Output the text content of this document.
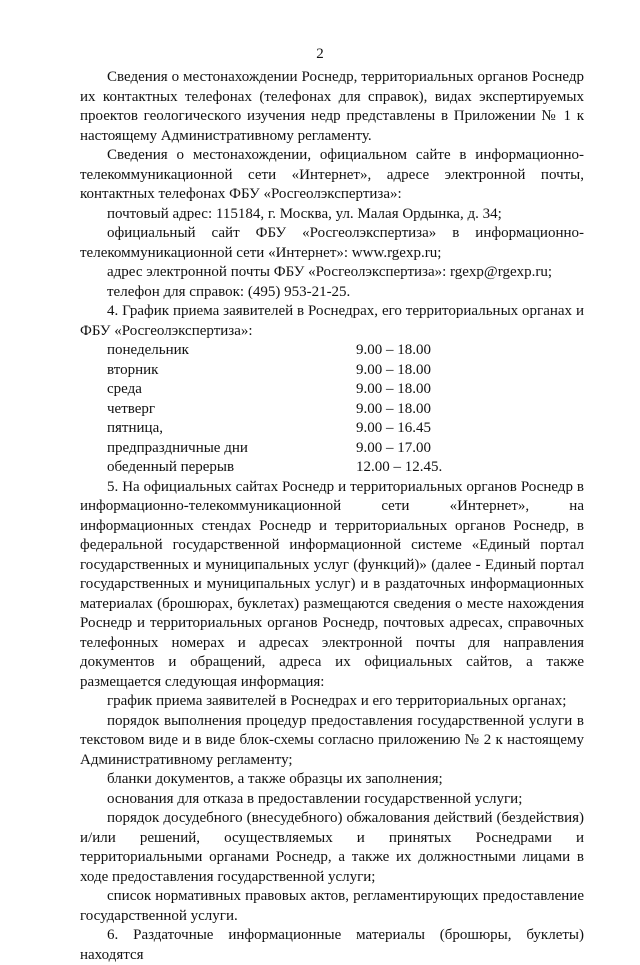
2

Сведения о местонахождении Роснедр, территориальных органов Роснедр их контактных телефонах (телефонах для справок), видах экспертируемых проектов геологического изучения недр представлены в Приложении № 1 к настоящему Административному регламенту.

Сведения о местонахождении, официальном сайте в информационно-телекоммуникационной сети «Интернет», адресе электронной почты, контактных телефонах ФБУ «Росгеолэкспертиза»:

почтовый адрес: 115184, г. Москва, ул. Малая Ордынка, д. 34;

официальный сайт ФБУ «Росгеолэкспертиза» в информационно-телекоммуникационной сети «Интернет»: www.rgexp.ru;

адрес электронной почты ФБУ «Росгеолэкспертиза»: rgexp@rgexp.ru;

телефон для справок: (495) 953-21-25.

4. График приема заявителей в Роснедрах, его территориальных органах и ФБУ «Росгеолэкспертиза»:

понедельник	9.00 – 18.00
вторник	9.00 – 18.00
среда	9.00 – 18.00
четверг	9.00 – 18.00
пятница,	9.00 – 16.45
предпраздничные дни	9.00 – 17.00
обеденный перерыв	12.00 – 12.45.

5. На официальных сайтах Роснедр и территориальных органов Роснедр в информационно-телекоммуникационной сети «Интернет», на информационных стендах Роснедр и территориальных органов Роснедр, в федеральной государственной информационной системе «Единый портал государственных и муниципальных услуг (функций)» (далее - Единый портал государственных и муниципальных услуг) и в раздаточных информационных материалах (брошюрах, буклетах) размещаются сведения о месте нахождения Роснедр и территориальных органов Роснедр, почтовых адресах, справочных телефонных номерах и адресах электронной почты для направления документов и обращений, адреса их официальных сайтов, а также размещается следующая информация:

график приема заявителей в Роснедрах и его территориальных органах;

порядок выполнения процедур предоставления государственной услуги в текстовом виде и в виде блок-схемы согласно приложению № 2 к настоящему Административному регламенту;

бланки документов, а также образцы их заполнения;

основания для отказа в предоставлении государственной услуги;

порядок досудебного (внесудебного) обжалования действий (бездействия) и/или решений, осуществляемых и принятых Роснедрами и территориальными органами Роснедр, а также их должностными лицами в ходе предоставления государственной услуги;

список нормативных правовых актов, регламентирующих предоставление государственной услуги.

6. Раздаточные информационные материалы (брошюры, буклеты) находятся
